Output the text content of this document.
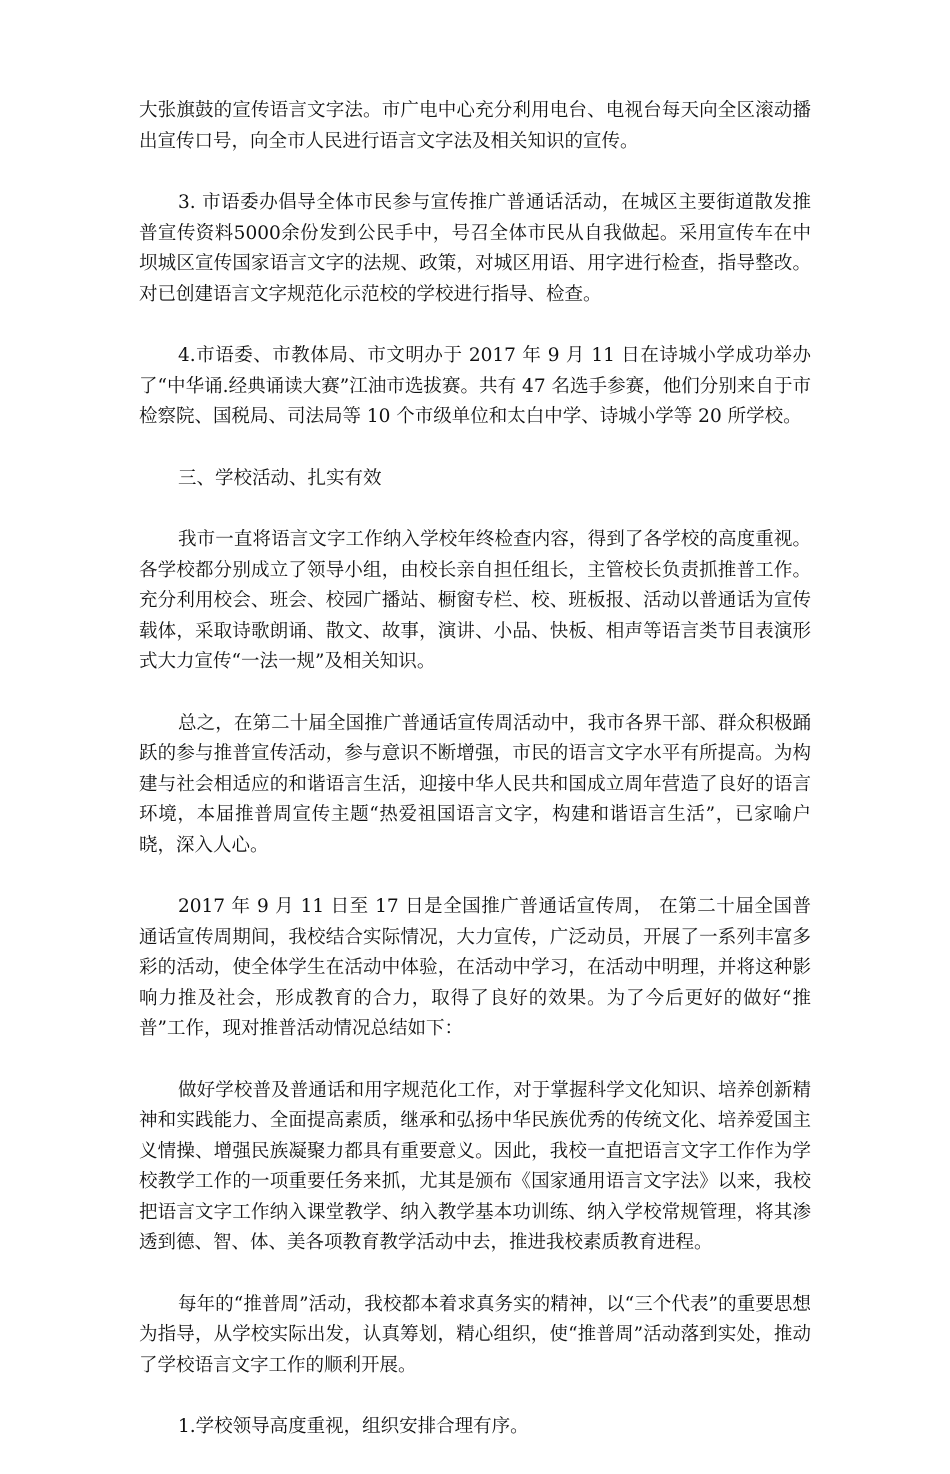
大张旗鼓的宣传语言文字法。市广电中心充分利用电台、电视台每天向全区滚动播出宣传口号，向全市人民进行语言文字法及相关知识的宣传。

3. 市语委办倡导全体市民参与宣传推广普通话活动，在城区主要街道散发推普宣传资料5000余份发到公民手中，号召全体市民从自我做起。采用宣传车在中坝城区宣传国家语言文字的法规、政策，对城区用语、用字进行检查，指导整改。对已创建语言文字规范化示范校的学校进行指导、检查。

4.市语委、市教体局、市文明办于 2017 年 9 月 11 日在诗城小学成功举办了“中华诵.经典诵读大赛”江油市选拔赛。共有 47 名选手参赛，他们分别来自于市检察院、国税局、司法局等 10 个市级单位和太白中学、诗城小学等 20 所学校。

三、学校活动、扎实有效

我市一直将语言文字工作纳入学校年终检查内容，得到了各学校的高度重视。各学校都分别成立了领导小组，由校长亲自担任组长，主管校长负责抓推普工作。充分利用校会、班会、校园广播站、橱窗专栏、校、班板报、活动以普通话为宣传载体，采取诗歌朗诵、散文、故事，演讲、小品、快板、相声等语言类节目表演形式大力宣传“一法一规”及相关知识。

总之，在第二十届全国推广普通话宣传周活动中，我市各界干部、群众积极踊跃的参与推普宣传活动，参与意识不断增强，市民的语言文字水平有所提高。为构建与社会相适应的和谐语言生活，迎接中华人民共和国成立周年营造了良好的语言环境，本届推普周宣传主题“热爱祖国语言文字，构建和谐语言生活”，已家喻户晓，深入人心。

2017 年 9 月 11 日至 17 日是全国推广普通话宣传周， 在第二十届全国普通话宣传周期间，我校结合实际情况，大力宣传，广泛动员，开展了一系列丰富多彩的活动，使全体学生在活动中体验，在活动中学习，在活动中明理，并将这种影响力推及社会，形成教育的合力，取得了良好的效果。为了今后更好的做好“推普”工作，现对推普活动情况总结如下：

做好学校普及普通话和用字规范化工作，对于掌握科学文化知识、培养创新精神和实践能力、全面提高素质，继承和弘扬中华民族优秀的传统文化、培养爱国主义情操、增强民族凝聚力都具有重要意义。因此，我校一直把语言文字工作作为学校教学工作的一项重要任务来抓，尤其是颁布《国家通用语言文字法》以来，我校把语言文字工作纳入课堂教学、纳入教学基本功训练、纳入学校常规管理，将其渗透到德、智、体、美各项教育教学活动中去，推进我校素质教育进程。

每年的“推普周”活动，我校都本着求真务实的精神，以“三个代表”的重要思想为指导，从学校实际出发，认真筹划，精心组织，使“推普周”活动落到实处，推动了学校语言文字工作的顺利开展。

1.学校领导高度重视，组织安排合理有序。
